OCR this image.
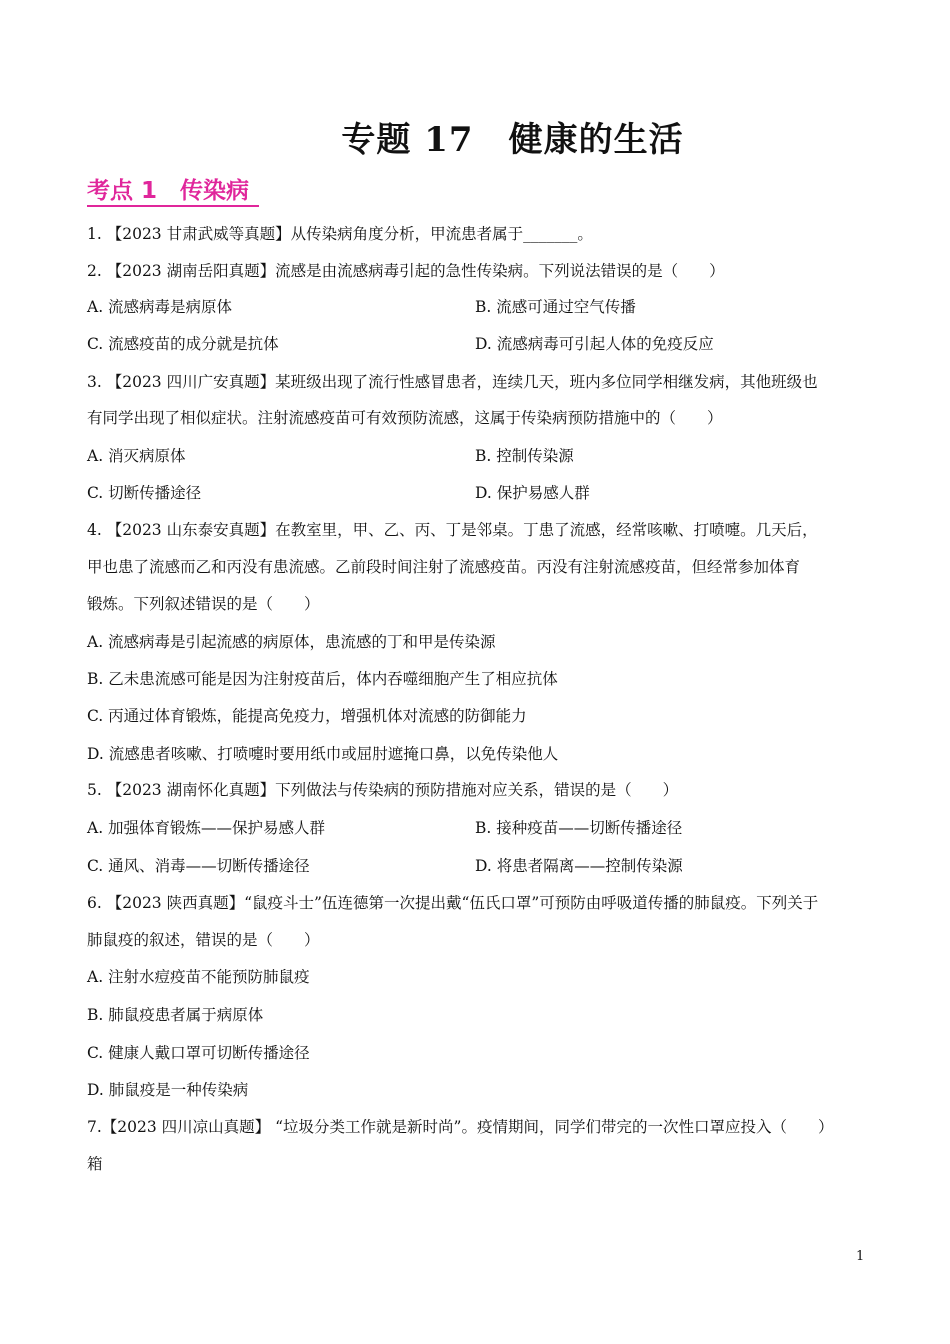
专题 17　健康的生活
考点 1　传染病
1. 【2023 甘肃武威等真题】从传染病角度分析，甲流患者属于_______。
2. 【2023 湖南岳阳真题】流感是由流感病毒引起的急性传染病。下列说法错误的是（　　）
A. 流感病毒是病原体	B. 流感可通过空气传播
C. 流感疫苗的成分就是抗体	D. 流感病毒可引起人体的免疫反应
3. 【2023 四川广安真题】某班级出现了流行性感冒患者，连续几天，班内多位同学相继发病，其他班级也
有同学出现了相似症状。注射流感疫苗可有效预防流感，这属于传染病预防措施中的（　　）
A. 消灭病原体	B. 控制传染源
C. 切断传播途径	D. 保护易感人群
4. 【2023 山东泰安真题】在教室里，甲、乙、丙、丁是邻桌。丁患了流感，经常咳嗽、打喷嚏。几天后，
甲也患了流感而乙和丙没有患流感。乙前段时间注射了流感疫苗。丙没有注射流感疫苗，但经常参加体育
锻炼。下列叙述错误的是（　　）
A. 流感病毒是引起流感的病原体，患流感的丁和甲是传染源
B. 乙未患流感可能是因为注射疫苗后，体内吞噬细胞产生了相应抗体
C. 丙通过体育锻炼，能提高免疫力，增强机体对流感的防御能力
D. 流感患者咳嗽、打喷嚏时要用纸巾或屈肘遮掩口鼻，以免传染他人
5. 【2023 湖南怀化真题】下列做法与传染病的预防措施对应关系，错误的是（　　）
A. 加强体育锻炼——保护易感人群	B. 接种疫苗——切断传播途径
C. 通风、消毒——切断传播途径	D. 将患者隔离——控制传染源
6. 【2023 陕西真题】“鼠疫斗士”伍连德第一次提出戴“伍氏口罩”可预防由呼吸道传播的肺鼠疫。下列关于
肺鼠疫的叙述，错误的是（　　）
A. 注射水痘疫苗不能预防肺鼠疫
B. 肺鼠疫患者属于病原体
C. 健康人戴口罩可切断传播途径
D. 肺鼠疫是一种传染病
7.【2023 四川凉山真题】 “垃圾分类工作就是新时尚”。疫情期间，同学们带完的一次性口罩应投入（　　）
箱
1
